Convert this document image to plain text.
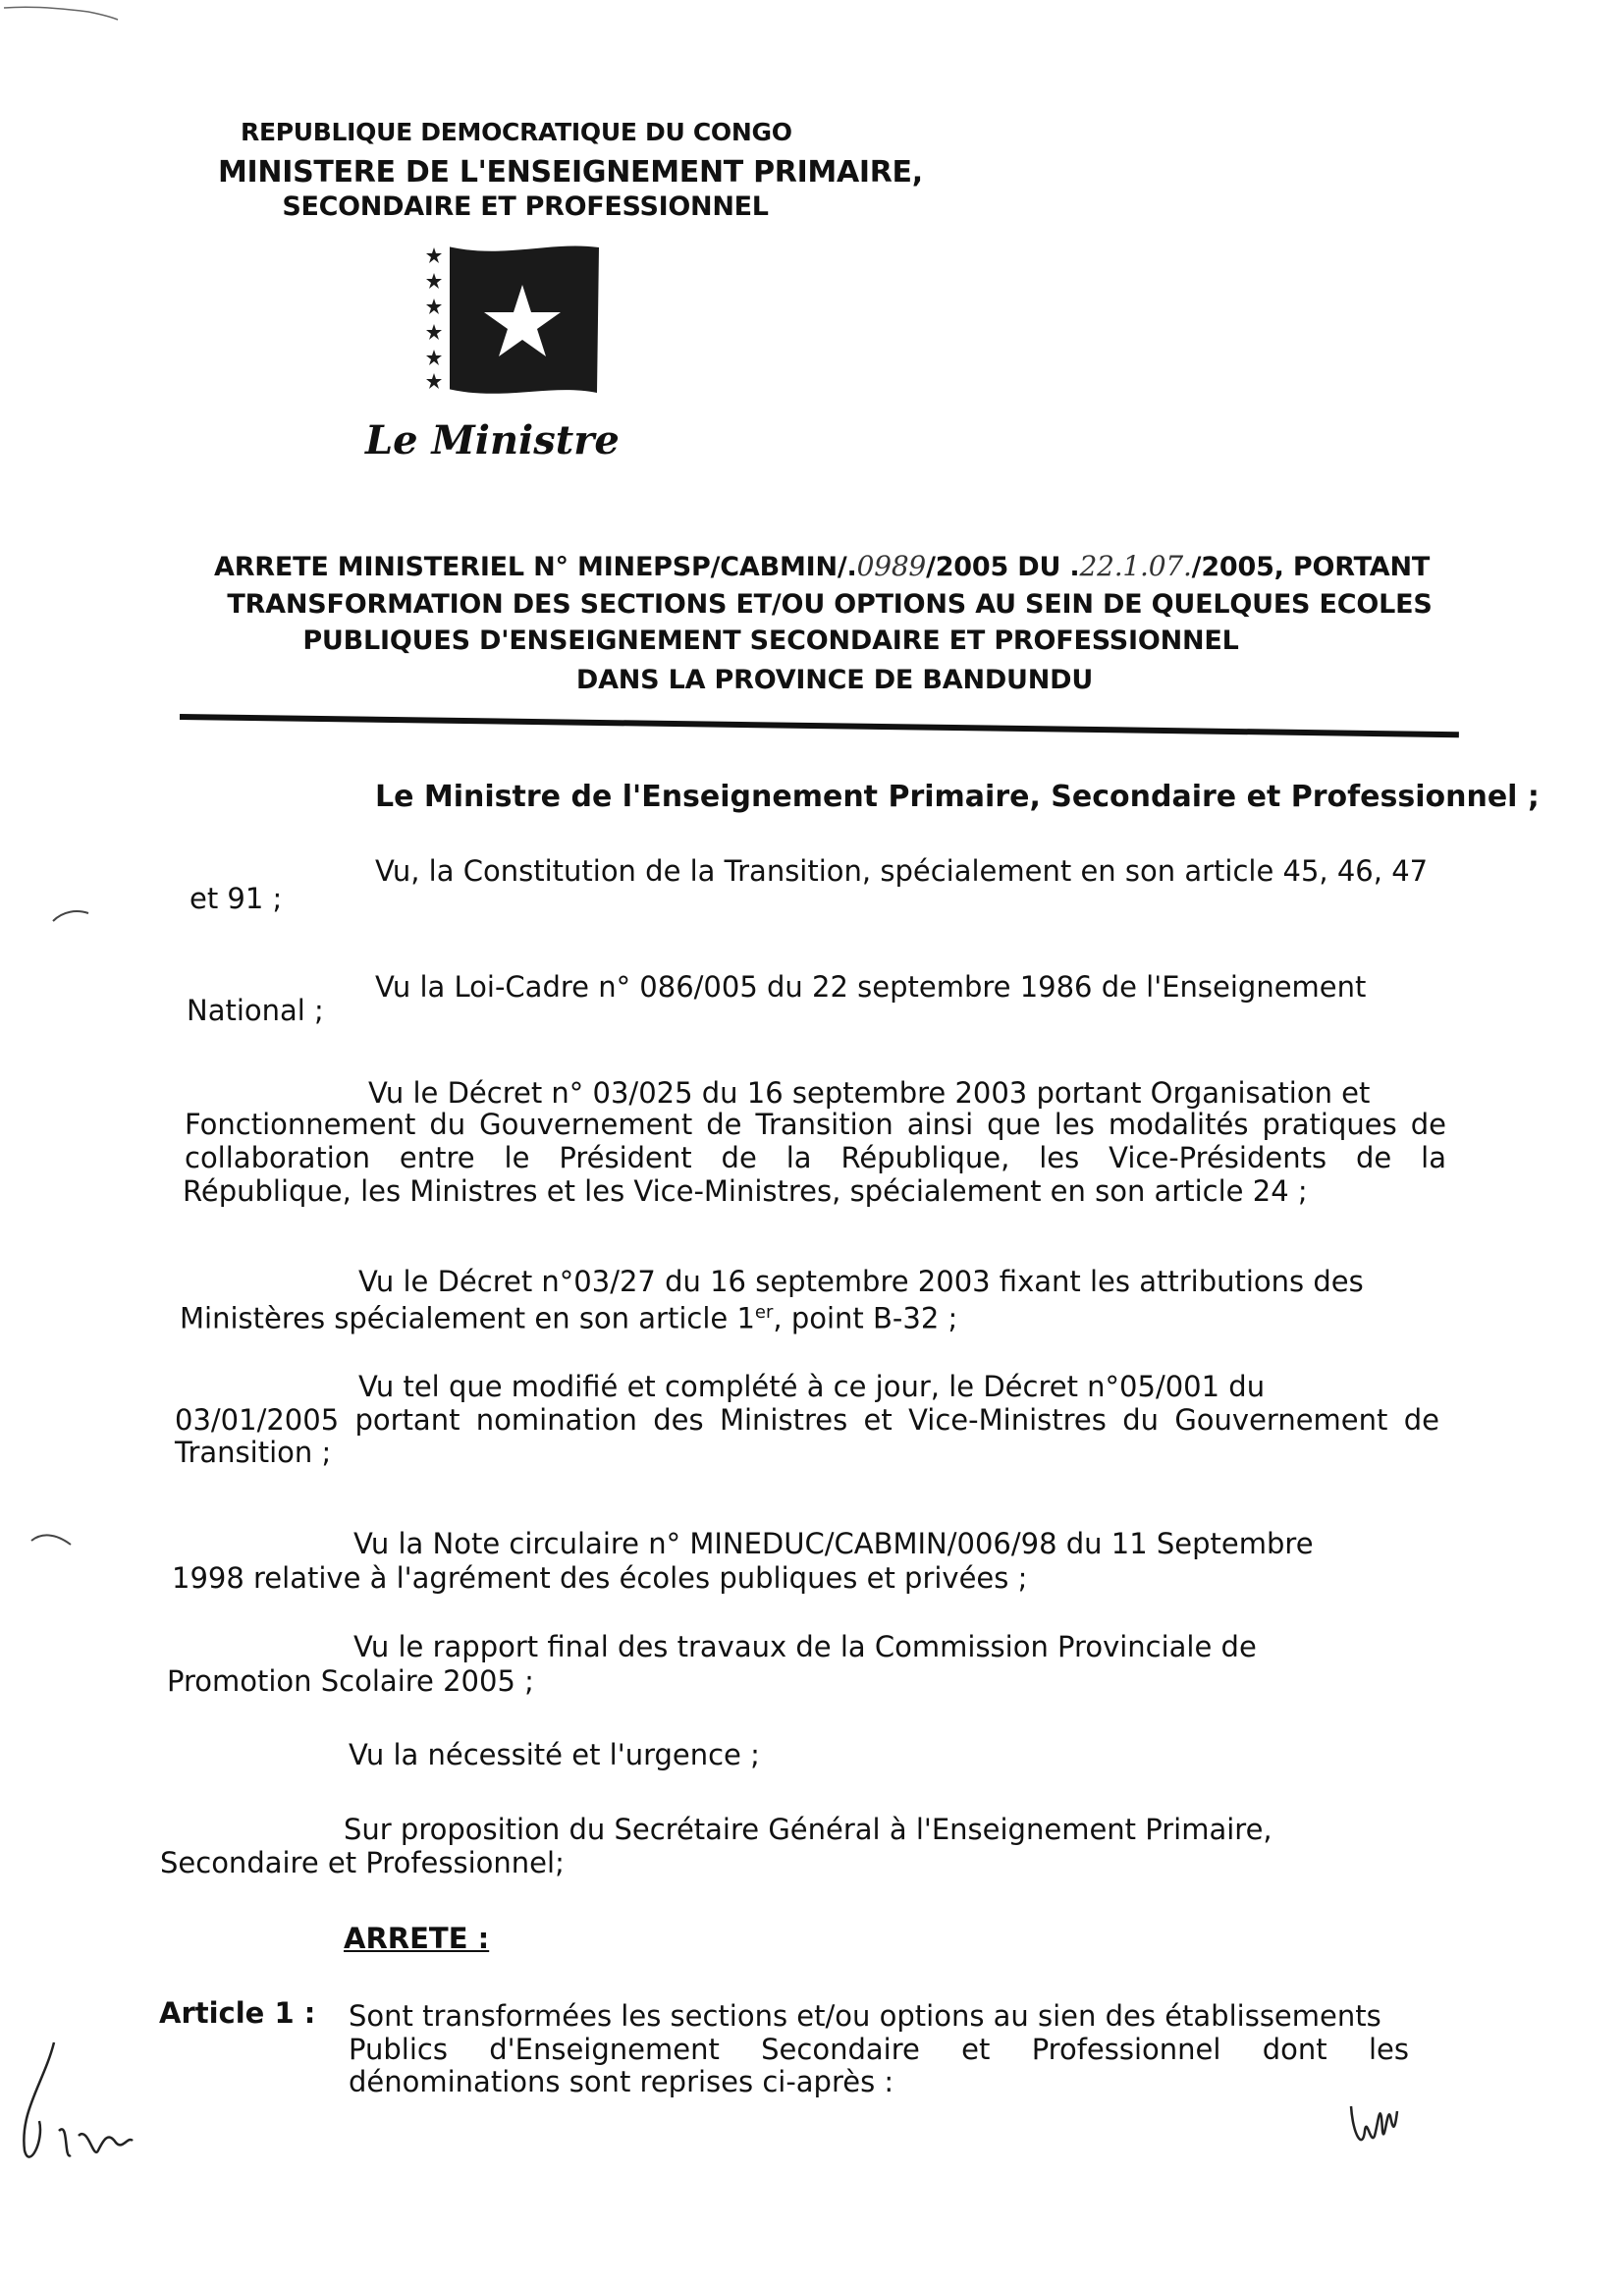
REPUBLIQUE DEMOCRATIQUE DU CONGO
MINISTERE DE L'ENSEIGNEMENT PRIMAIRE,
SECONDAIRE ET PROFESSIONNEL
Le Ministre
ARRETE MINISTERIEL N° MINEPSP/CABMIN/.0989/2005 DU .22.1.07./2005, PORTANT
TRANSFORMATION DES SECTIONS ET/OU OPTIONS AU SEIN DE QUELQUES ECOLES
PUBLIQUES D'ENSEIGNEMENT SECONDAIRE ET PROFESSIONNEL
DANS LA PROVINCE DE BANDUNDU
Le Ministre de l'Enseignement Primaire, Secondaire et Professionnel ;
Vu, la Constitution de la Transition, spécialement en son article 45, 46, 47
et 91 ;
Vu la Loi-Cadre n° 086/005 du 22 septembre 1986 de l'Enseignement
National ;
Vu le Décret n° 03/025 du 16 septembre 2003 portant Organisation et
Fonctionnement du Gouvernement de Transition ainsi que les modalités pratiques de
collaboration entre le Président de la République, les Vice-Présidents de la
République, les Ministres et les Vice-Ministres, spécialement en son article 24 ;
Vu le Décret n°03/27 du 16 septembre 2003 fixant les attributions des
Ministères spécialement en son article 1er, point B-32 ;
Vu tel que modifié et complété à ce jour, le Décret n°05/001 du
03/01/2005 portant nomination des Ministres et Vice-Ministres du Gouvernement de
Transition ;
Vu la Note circulaire n° MINEDUC/CABMIN/006/98 du 11 Septembre
1998 relative à l'agrément des écoles publiques et privées ;
Vu le rapport final des travaux de la Commission Provinciale de
Promotion Scolaire 2005 ;
Vu la nécessité et l'urgence ;
Sur proposition du Secrétaire Général à l'Enseignement Primaire,
Secondaire et Professionnel;
ARRETE :
Article 1 : Sont transformées les sections et/ou options au sien des établissements
Publics d'Enseignement Secondaire et Professionnel dont les
dénominations sont reprises ci-après :
